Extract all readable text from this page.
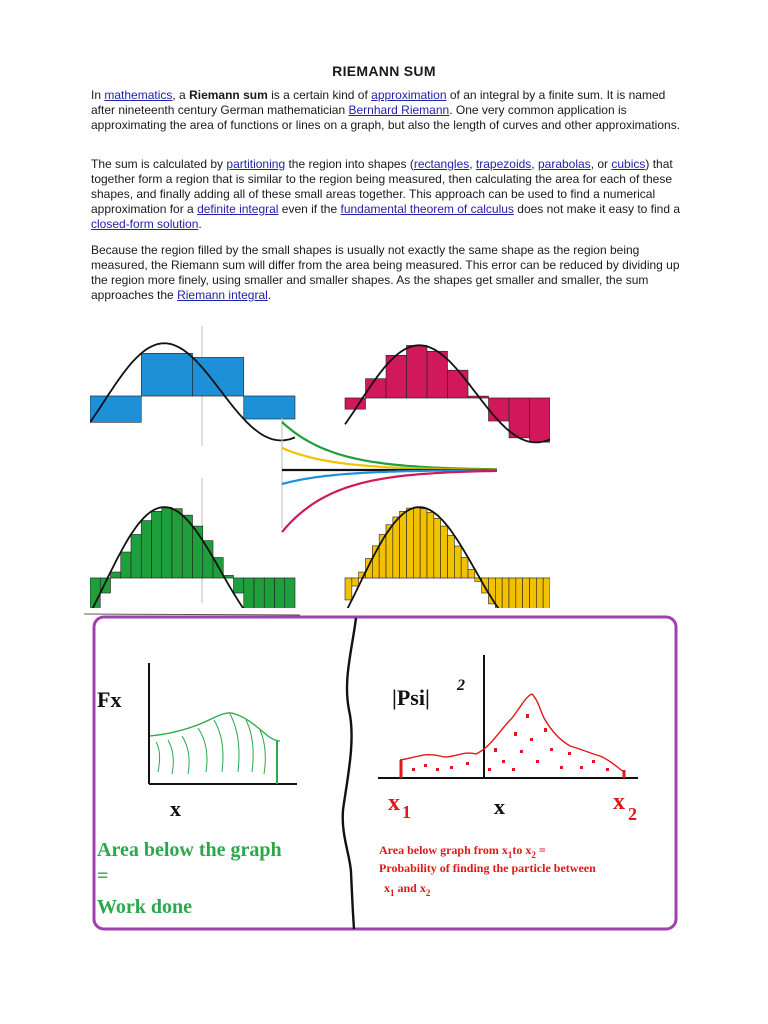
RIEMANN SUM

In mathematics, a Riemann sum is a certain kind of approximation of an integral by a finite sum. It is named after nineteenth century German mathematician Bernhard Riemann. One very common application is approximating the area of functions or lines on a graph, but also the length of curves and other approximations.

The sum is calculated by partitioning the region into shapes (rectangles, trapezoids, parabolas, or cubics) that together form a region that is similar to the region being measured, then calculating the area for each of these shapes, and finally adding all of these small areas together. This approach can be used to find a numerical approximation for a definite integral even if the fundamental theorem of calculus does not make it easy to find a closed-form solution.

Because the region filled by the small shapes is usually not exactly the same shape as the region being measured, the Riemann sum will differ from the area being measured. This error can be reduced by dividing up the region more finely, using smaller and smaller shapes. As the shapes get smaller and smaller, the sum approaches the Riemann integral.

Fx
x
Area below the graph
=
Work done
|Psi| 2
x 1	x	x 2
Area below graph from $x_1to$ $x_2$ =
Probability of finding the particle between
$x_1$ and $x_2$
